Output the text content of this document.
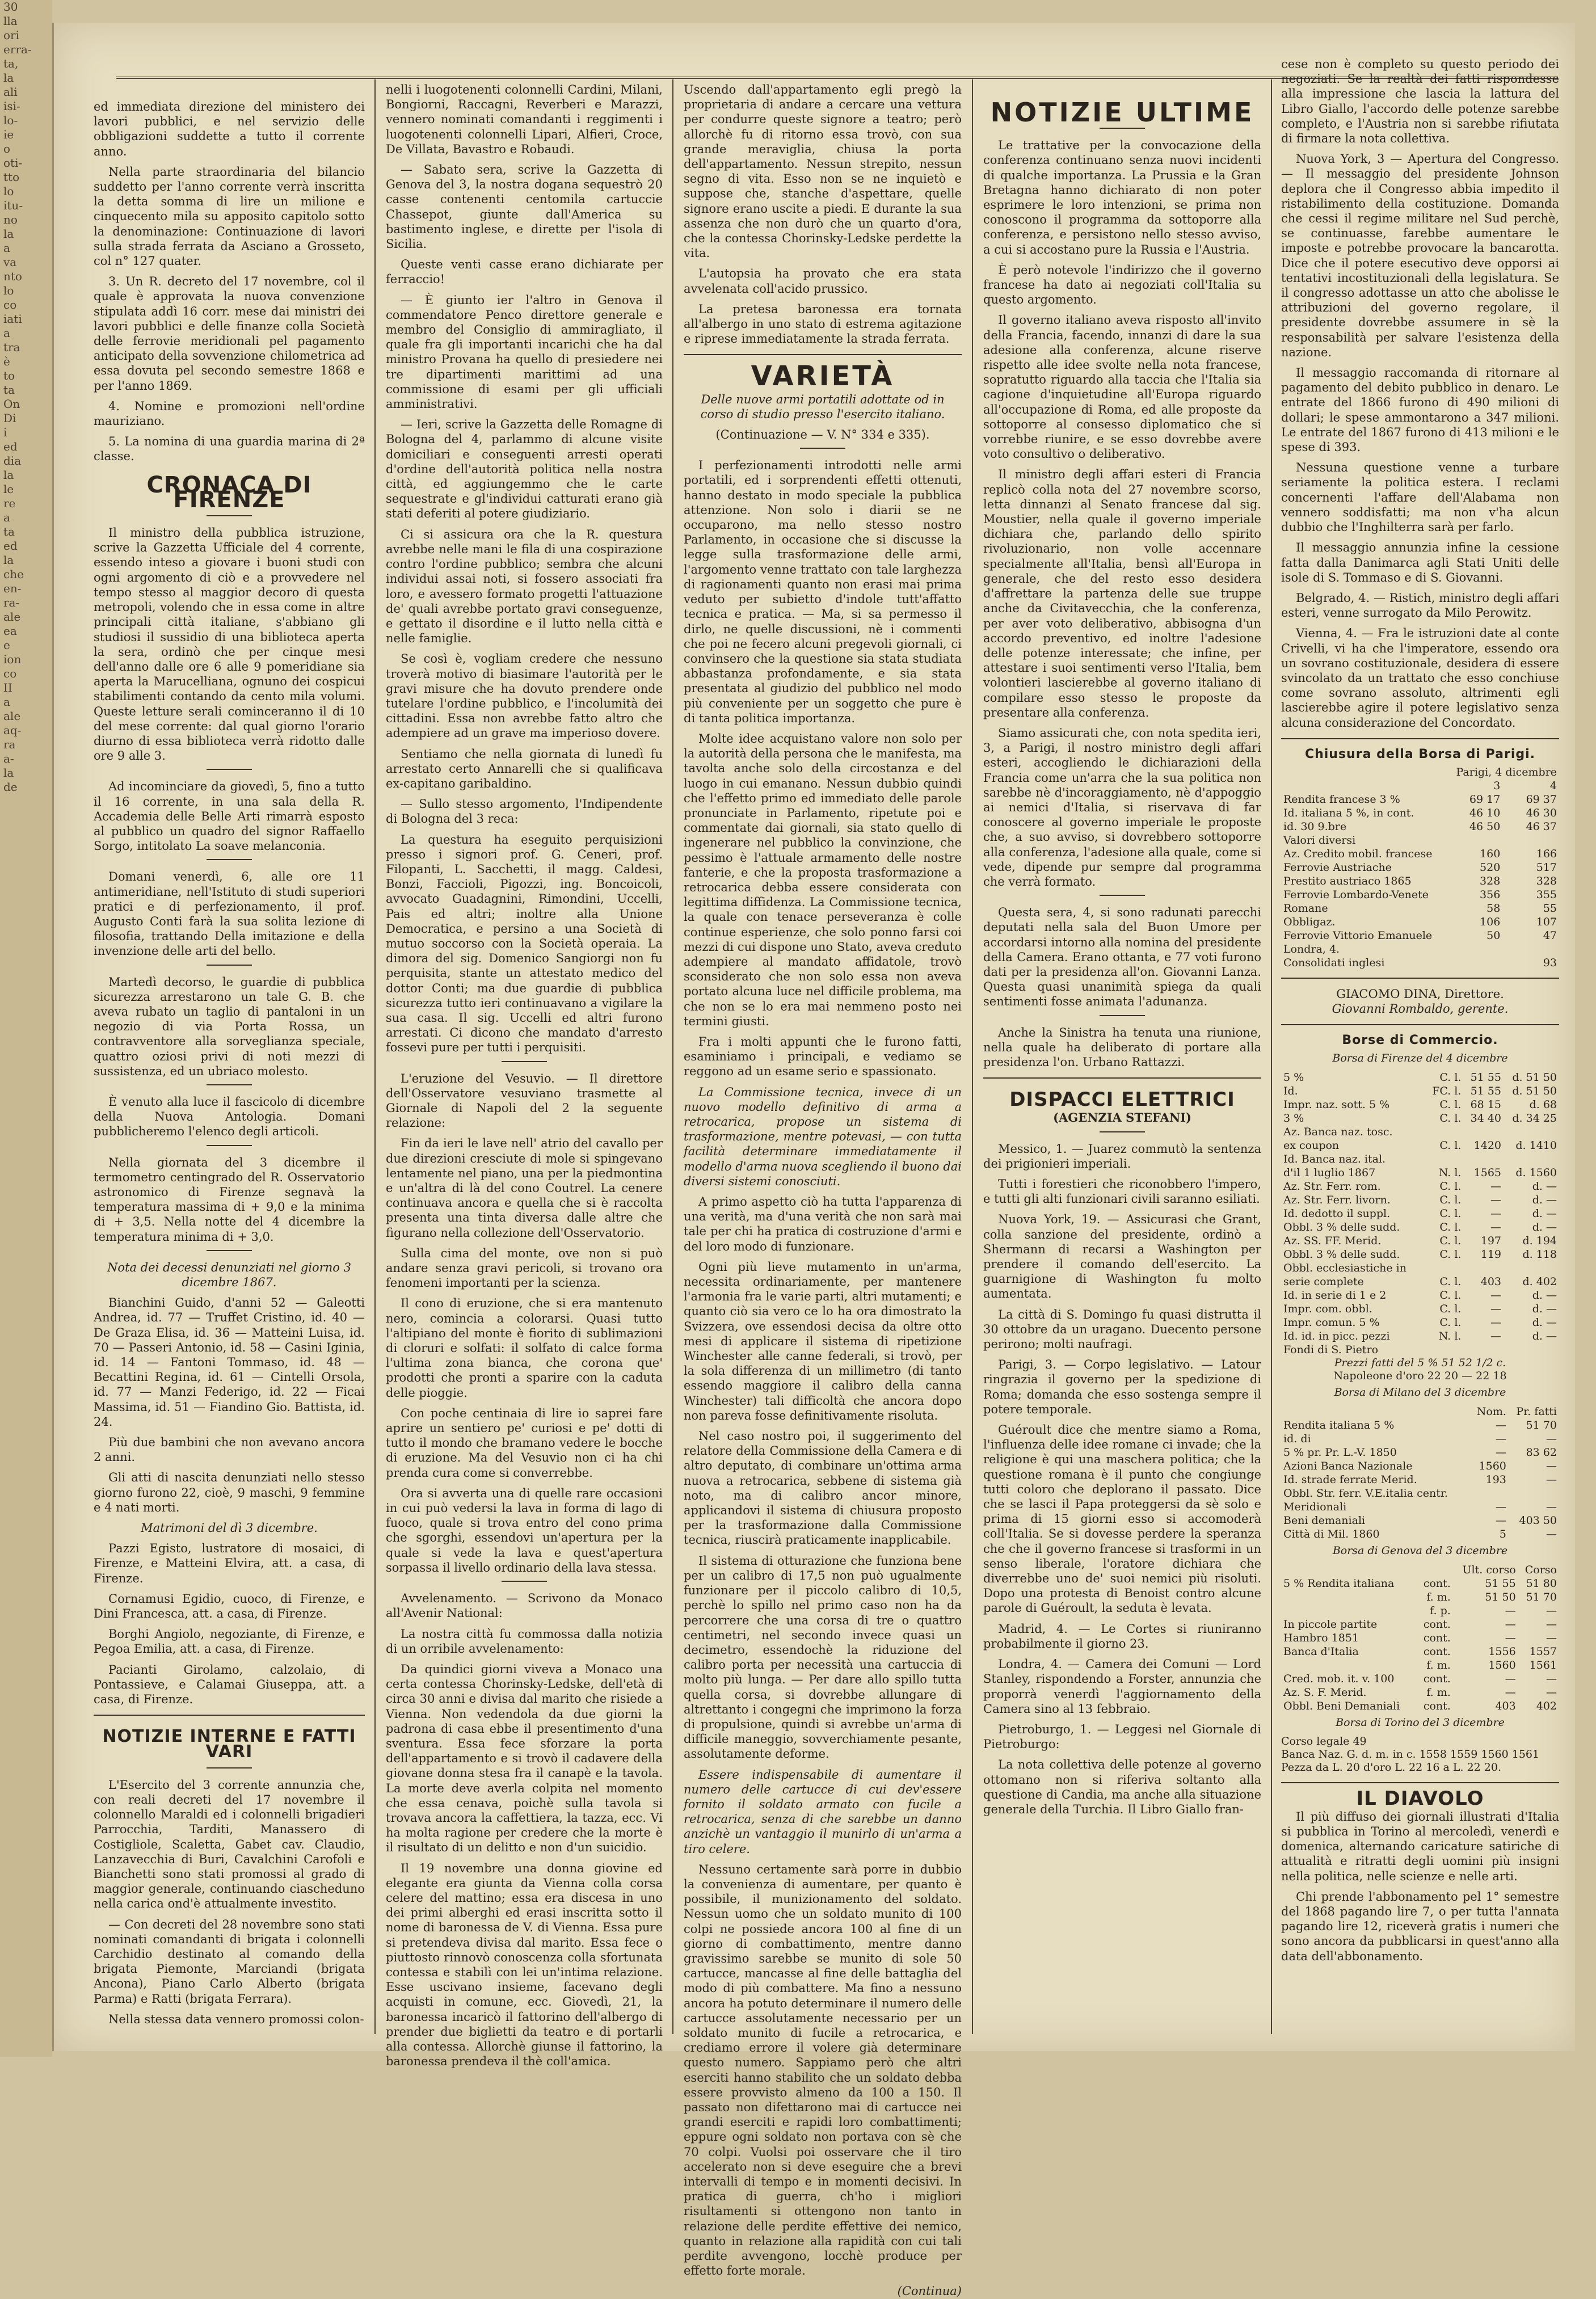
30
lla
ori
erra-
ta,
la
ali
isi-
lo-
ie
o
oti-
tto
lo
itu-
no
la
a
va
nto
lo
co
iati
a
tra
è
to
ta
On
Di
i
ed
dia
la
le
re
a
ta
ed
la
che
en-
ra-
ale
ea
e
ion
co
II
a
ale
aq-
ra
a-
la
de

ed immediata direzione del ministero dei lavori pubblici, e nel servizio delle obbligazioni suddette a tutto il corrente anno.

Nella parte straordinaria del bilancio suddetto per l'anno corrente verrà inscritta la detta somma di lire un milione e cinquecento mila su apposito capitolo sotto la denominazione: Continuazione di lavori sulla strada ferrata da Asciano a Grosseto, col n° 127 quater.

3. Un R. decreto del 17 novembre, col il quale è approvata la nuova convenzione stipulata addì 16 corr. mese dai ministri dei lavori pubblici e delle finanze colla Società delle ferrovie meridionali pel pagamento anticipato della sovvenzione chilometrica ad essa dovuta pel secondo semestre 1868 e per l'anno 1869.

4. Nomine e promozioni nell'ordine mauriziano.

5. La nomina di una guardia marina di 2ª classe.

CRONACA DI FIRENZE

Il ministro della pubblica istruzione, scrive la Gazzetta Ufficiale del 4 corrente, essendo inteso a giovare i buoni studi con ogni argomento di ciò e a provvedere nel tempo stesso al maggior decoro di questa metropoli, volendo che in essa come in altre principali città italiane, s'abbiano gli studiosi il sussidio di una biblioteca aperta la sera, ordinò che per cinque mesi dell'anno dalle ore 6 alle 9 pomeridiane sia aperta la Marucelliana, ognuno dei cospicui stabilimenti contando da cento mila volumi. Queste letture serali cominceranno il di 10 del mese corrente: dal qual giorno l'orario diurno di essa biblioteca verrà ridotto dalle ore 9 alle 3.

Ad incominciare da giovedì, 5, fino a tutto il 16 corrente, in una sala della R. Accademia delle Belle Arti rimarrà esposto al pubblico un quadro del signor Raffaello Sorgo, intitolato La soave melanconia.

Domani venerdì, 6, alle ore 11 antimeridiane, nell'Istituto di studi superiori pratici e di perfezionamento, il prof. Augusto Conti farà la sua solita lezione di filosofia, trattando Della imitazione e della invenzione delle arti del bello.

Martedì decorso, le guardie di pubblica sicurezza arrestarono un tale G. B. che aveva rubato un taglio di pantaloni in un negozio di via Porta Rossa, un contravventore alla sorveglianza speciale, quattro oziosi privi di noti mezzi di sussistenza, ed un ubriaco molesto.

È venuto alla luce il fascicolo di dicembre della Nuova Antologia. Domani pubblicheremo l'elenco degli articoli.

Nella giornata del 3 dicembre il termometro centingrado del R. Osservatorio astronomico di Firenze segnavà la temperatura massima di + 9,0 e la minima di + 3,5. Nella notte del 4 dicembre la temperatura minima di + 3,0.

Nota dei decessi denunziati nel giorno 3 dicembre 1867.

Bianchini Guido, d'anni 52 — Galeotti Andrea, id. 77 — Truffet Cristino, id. 40 — De Graza Elisa, id. 36 — Matteini Luisa, id. 70 — Passeri Antonio, id. 58 — Casini Iginia, id. 14 — Fantoni Tommaso, id. 48 — Becattini Regina, id. 61 — Cintelli Orsola, id. 77 — Manzi Federigo, id. 22 — Ficai Massima, id. 51 — Fiandino Gio. Battista, id. 24.

Più due bambini che non avevano ancora 2 anni.

Gli atti di nascita denunziati nello stesso giorno furono 22, cioè, 9 maschi, 9 femmine e 4 nati morti.

Matrimoni del dì 3 dicembre.

Pazzi Egisto, lustratore di mosaici, di Firenze, e Matteini Elvira, att. a casa, di Firenze.

Cornamusi Egidio, cuoco, di Firenze, e Dini Francesca, att. a casa, di Firenze.

Borghi Angiolo, negoziante, di Firenze, e Pegoa Emilia, att. a casa, di Firenze.

Pacianti Girolamo, calzolaio, di Pontassieve, e Calamai Giuseppa, att. a casa, di Firenze.

NOTIZIE INTERNE E FATTI VARI

L'Esercito del 3 corrente annunzia che, con reali decreti del 17 novembre il colonnello Maraldi ed i colonnelli brigadieri Parrocchia, Tarditi, Manassero di Costigliole, Scaletta, Gabet cav. Claudio, Lanzavecchia di Buri, Cavalchini Carofoli e Bianchetti sono stati promossi al grado di maggior generale, continuando ciascheduno nella carica ond'è attualmente investito.

— Con decreti del 28 novembre sono stati nominati comandanti di brigata i colonnelli Carchidio destinato al comando della brigata Piemonte, Marciandi (brigata Ancona), Piano Carlo Alberto (brigata Parma) e Ratti (brigata Ferrara).

Nella stessa data vennero promossi colon-

nelli i luogotenenti colonnelli Cardini, Milani, Bongiorni, Raccagni, Reverberi e Marazzi, vennero nominati comandanti i reggimenti i luogotenenti colonnelli Lipari, Alfieri, Croce, De Villata, Bavastro e Robaudi.

— Sabato sera, scrive la Gazzetta di Genova del 3, la nostra dogana sequestrò 20 casse contenenti centomila cartuccie Chassepot, giunte dall'America su bastimento inglese, e dirette per l'isola di Sicilia.

Queste venti casse erano dichiarate per ferraccio!

— È giunto ier l'altro in Genova il commendatore Penco direttore generale e membro del Consiglio di ammiragliato, il quale fra gli importanti incarichi che ha dal ministro Provana ha quello di presiedere nei tre dipartimenti marittimi ad una commissione di esami per gli ufficiali amministrativi.

— Ieri, scrive la Gazzetta delle Romagne di Bologna del 4, parlammo di alcune visite domiciliari e conseguenti arresti operati d'ordine dell'autorità politica nella nostra città, ed aggiungemmo che le carte sequestrate e gl'individui catturati erano già stati deferiti al potere giudiziario.

Ci si assicura ora che la R. questura avrebbe nelle mani le fila di una cospirazione contro l'ordine pubblico; sembra che alcuni individui assai noti, si fossero associati fra loro, e avessero formato progetti l'attuazione de' quali avrebbe portato gravi conseguenze, e gettato il disordine e il lutto nella città e nelle famiglie.

Se così è, vogliam credere che nessuno troverà motivo di biasimare l'autorità per le gravi misure che ha dovuto prendere onde tutelare l'ordine pubblico, e l'incolumità dei cittadini. Essa non avrebbe fatto altro che adempiere ad un grave ma imperioso dovere.

Sentiamo che nella giornata di lunedì fu arrestato certo Annarelli che si qualificava ex-capitano garibaldino.

— Sullo stesso argomento, l'Indipendente di Bologna del 3 reca:

La questura ha eseguito perquisizioni presso i signori prof. G. Ceneri, prof. Filopanti, L. Sacchetti, il magg. Caldesi, Bonzi, Faccioli, Pigozzi, ing. Boncoicoli, avvocato Guadagnini, Rimondini, Uccelli, Pais ed altri; inoltre alla Unione Democratica, e persino a una Società di mutuo soccorso con la Società operaia. La dimora del sig. Domenico Sangiorgi non fu perquisita, stante un attestato medico del dottor Conti; ma due guardie di pubblica sicurezza tutto ieri continuavano a vigilare la sua casa. Il sig. Uccelli ed altri furono arrestati. Ci dicono che mandato d'arresto fossevi pure per tutti i perquisiti.

L'eruzione del Vesuvio. — Il direttore dell'Osservatore vesuviano trasmette al Giornale di Napoli del 2 la seguente relazione:

Fin da ieri le lave nell' atrio del cavallo per due direzioni cresciute di mole si spingevano lentamente nel piano, una per la piedmontina e un'altra di là del cono Coutrel. La cenere continuava ancora e quella che si è raccolta presenta una tinta diversa dalle altre che figurano nella collezione dell'Osservatorio.

Sulla cima del monte, ove non si può andare senza gravi pericoli, si trovano ora fenomeni importanti per la scienza.

Il cono di eruzione, che si era mantenuto nero, comincia a colorarsi. Quasi tutto l'altipiano del monte è fiorito di sublimazioni di cloruri e solfati: il solfato di calce forma l'ultima zona bianca, che corona que' prodotti che pronti a sparire con la caduta delle pioggie.

Con poche centinaia di lire io saprei fare aprire un sentiero pe' curiosi e pe' dotti di tutto il mondo che bramano vedere le bocche di eruzione. Ma del Vesuvio non ci ha chi prenda cura come si converrebbe.

Ora si avverta una di quelle rare occasioni in cui può vedersi la lava in forma di lago di fuoco, quale si trova entro del cono prima che sgorghi, essendovi un'apertura per la quale si vede la lava e quest'apertura sorpassa il livello ordinario della lava stessa.

Avvelenamento. — Scrivono da Monaco all'Avenir National:

La nostra città fu commossa dalla notizia di un orribile avvelenamento:

Da quindici giorni viveva a Monaco una certa contessa Chorinsky-Ledske, dell'età di circa 30 anni e divisa dal marito che risiede a Vienna. Non vedendola da due giorni la padrona di casa ebbe il presentimento d'una sventura. Essa fece sforzare la porta dell'appartamento e si trovò il cadavere della giovane donna stesa fra il canapè e la tavola. La morte deve averla colpita nel momento che essa cenava, poichè sulla tavola si trovava ancora la caffettiera, la tazza, ecc. Vi ha molta ragione per credere che la morte è il risultato di un delitto e non d'un suicidio.

Il 19 novembre una donna giovine ed elegante era giunta da Vienna colla corsa celere del mattino; essa era discesa in uno dei primi alberghi ed erasi inscritta sotto il nome di baronessa de V. di Vienna. Essa pure si pretendeva divisa dal marito. Essa fece o piuttosto rinnovò conoscenza colla sfortunata contessa e stabilì con lei un'intima relazione. Esse uscivano insieme, facevano degli acquisti in comune, ecc. Giovedì, 21, la baronessa incaricò il fattorino dell'albergo di prender due biglietti da teatro e di portarli alla contessa. Allorchè giunse il fattorino, la baronessa prendeva il thè coll'amica.

Uscendo dall'appartamento egli pregò la proprietaria di andare a cercare una vettura per condurre queste signore a teatro; però allorchè fu di ritorno essa trovò, con sua grande meraviglia, chiusa la porta dell'appartamento. Nessun strepito, nessun segno di vita. Esso non se ne inquietò e suppose che, stanche d'aspettare, quelle signore erano uscite a piedi. E durante la sua assenza che non durò che un quarto d'ora, che la contessa Chorinsky-Ledske perdette la vita.

L'autopsia ha provato che era stata avvelenata coll'acido prussico.

La pretesa baronessa era tornata all'albergo in uno stato di estrema agitazione e riprese immediatamente la strada ferrata.

VARIETÀ
Delle nuove armi portatili adottate od in corso di studio presso l'esercito italiano.
(Continuazione — V. N° 334 e 335).

I perfezionamenti introdotti nelle armi portatili, ed i sorprendenti effetti ottenuti, hanno destato in modo speciale la pubblica attenzione. Non solo i diarii se ne occuparono, ma nello stesso nostro Parlamento, in occasione che si discusse la legge sulla trasformazione delle armi, l'argomento venne trattato con tale larghezza di ragionamenti quanto non erasi mai prima veduto per subietto d'indole tutt'affatto tecnica e pratica. — Ma, si sa permesso il dirlo, ne quelle discussioni, nè i commenti che poi ne fecero alcuni pregevoli giornali, ci convinsero che la questione sia stata studiata abbastanza profondamente, e sia stata presentata al giudizio del pubblico nel modo più conveniente per un soggetto che pure è di tanta politica importanza.

Molte idee acquistano valore non solo per la autorità della persona che le manifesta, ma tavolta anche solo della circostanza e del luogo in cui emanano. Nessun dubbio quindi che l'effetto primo ed immediato delle parole pronunciate in Parlamento, ripetute poi e commentate dai giornali, sia stato quello di ingenerare nel pubblico la convinzione, che pessimo è l'attuale armamento delle nostre fanterie, e che la proposta trasformazione a retrocarica debba essere considerata con legittima diffidenza. La Commissione tecnica, la quale con tenace perseveranza è colle continue esperienze, che solo ponno farsi coi mezzi di cui dispone uno Stato, aveva creduto adempiere al mandato affidatole, trovò sconsiderato che non solo essa non aveva portato alcuna luce nel difficile problema, ma che non se lo era mai nemmeno posto nei termini giusti.

Fra i molti appunti che le furono fatti, esaminiamo i principali, e vediamo se reggono ad un esame serio e spassionato.

La Commissione tecnica, invece di un nuovo modello definitivo di arma a retrocarica, propose un sistema di trasformazione, mentre potevasi, — con tutta facilità determinare immediatamente il modello d'arma nuova scegliendo il buono dai diversi sistemi conosciuti.

A primo aspetto ciò ha tutta l'apparenza di una verità, ma d'una verità che non sarà mai tale per chi ha pratica di costruzione d'armi e del loro modo di funzionare.

Ogni più lieve mutamento in un'arma, necessita ordinariamente, per mantenere l'armonia fra le varie parti, altri mutamenti; e quanto ciò sia vero ce lo ha ora dimostrato la Svizzera, ove essendosi decisa da oltre otto mesi di applicare il sistema di ripetizione Winchester alle canne federali, si trovò, per la sola differenza di un millimetro (di tanto essendo maggiore il calibro della canna Winchester) tali difficoltà che ancora dopo non pareva fosse definitivamente risoluta.

Nel caso nostro poi, il suggerimento del relatore della Commissione della Camera e di altro deputato, di combinare un'ottima arma nuova a retrocarica, sebbene di sistema già noto, ma di calibro ancor minore, applicandovi il sistema di chiusura proposto per la trasformazione dalla Commissione tecnica, riuscirà praticamente inapplicabile.

Il sistema di otturazione che funziona bene per un calibro di 17,5 non può ugualmente funzionare per il piccolo calibro di 10,5, perchè lo spillo nel primo caso non ha da percorrere che una corsa di tre o quattro centimetri, nel secondo invece quasi un decimetro, essendochè la riduzione del calibro porta per necessità una cartuccia di molto più lunga. — Per dare allo spillo tutta quella corsa, si dovrebbe allungare di altrettanto i congegni che imprimono la forza di propulsione, quindi si avrebbe un'arma di difficile maneggio, sovverchiamente pesante, assolutamente deforme.

Essere indispensabile di aumentare il numero delle cartucce di cui dev'essere fornito il soldato armato con fucile a retrocarica, senza di che sarebbe un danno anzichè un vantaggio il munirlo di un'arma a tiro celere.

Nessuno certamente sarà porre in dubbio la convenienza di aumentare, per quanto è possibile, il munizionamento del soldato. Nessun uomo che un soldato munito di 100 colpi ne possiede ancora 100 al fine di un giorno di combattimento, mentre danno gravissimo sarebbe se munito di sole 50 cartucce, mancasse al fine delle battaglia del modo di più combattere. Ma fino a nessuno ancora ha potuto determinare il numero delle cartucce assolutamente necessario per un soldato munito di fucile a retrocarica, e crediamo errore il volere già determinare questo numero. Sappiamo però che altri eserciti hanno stabilito che un soldato debba essere provvisto almeno da 100 a 150. Il passato non difettarono mai di cartucce nei grandi eserciti e rapidi loro combattimenti; eppure ogni soldato non portava con sè che 70 colpi. Vuolsi poi osservare che il tiro accelerato non si deve eseguire che a brevi intervalli di tempo e in momenti decisivi. In pratica di guerra, ch'ho i migliori risultamenti si ottengono non tanto in relazione delle perdite effettive dei nemico, quanto in relazione alla rapidità con cui tali perdite avvengono, locchè produce per effetto forte morale.

(Continua)

NOTIZIE ULTIME

Le trattative per la convocazione della conferenza continuano senza nuovi incidenti di qualche importanza. La Prussia e la Gran Bretagna hanno dichiarato di non poter esprimere le loro intenzioni, se prima non conoscono il programma da sottoporre alla conferenza, e persistono nello stesso avviso, a cui si accostano pure la Russia e l'Austria.

È però notevole l'indirizzo che il governo francese ha dato ai negoziati coll'Italia su questo argomento.

Il governo italiano aveva risposto all'invito della Francia, facendo, innanzi di dare la sua adesione alla conferenza, alcune riserve rispetto alle idee svolte nella nota francese, sopratutto riguardo alla taccia che l'Italia sia cagione d'inquietudine all'Europa riguardo all'occupazione di Roma, ed alle proposte da sottoporre al consesso diplomatico che si vorrebbe riunire, e se esso dovrebbe avere voto consultivo o deliberativo.

Il ministro degli affari esteri di Francia replicò colla nota del 27 novembre scorso, letta dinnanzi al Senato francese dal sig. Moustier, nella quale il governo imperiale dichiara che, parlando dello spirito rivoluzionario, non volle accennare specialmente all'Italia, bensì all'Europa in generale, che del resto esso desidera d'affrettare la partenza delle sue truppe anche da Civitavecchia, che la conferenza, per aver voto deliberativo, abbisogna d'un accordo preventivo, ed inoltre l'adesione delle potenze interessate; che infine, per attestare i suoi sentimenti verso l'Italia, bem volontieri lascierebbe al governo italiano di compilare esso stesso le proposte da presentare alla conferenza.

Siamo assicurati che, con nota spedita ieri, 3, a Parigi, il nostro ministro degli affari esteri, accogliendo le dichiarazioni della Francia come un'arra che la sua politica non sarebbe nè d'incoraggiamento, nè d'appoggio ai nemici d'Italia, si riservava di far conoscere al governo imperiale le proposte che, a suo avviso, si dovrebbero sottoporre alla conferenza, l'adesione alla quale, come si vede, dipende pur sempre dal programma che verrà formato.

Questa sera, 4, si sono radunati parecchi deputati nella sala del Buon Umore per accordarsi intorno alla nomina del presidente della Camera. Erano ottanta, e 77 voti furono dati per la presidenza all'on. Giovanni Lanza. Questa quasi unanimità spiega da quali sentimenti fosse animata l'adunanza.

Anche la Sinistra ha tenuta una riunione, nella quale ha deliberato di portare alla presidenza l'on. Urbano Rattazzi.

DISPACCI ELETTRICI
(AGENZIA STEFANI)

Messico, 1. — Juarez commutò la sentenza dei prigionieri imperiali.

Tutti i forestieri che riconobbero l'impero, e tutti gli alti funzionari civili saranno esiliati.

Nuova York, 19. — Assicurasi che Grant, colla sanzione del presidente, ordinò a Shermann di recarsi a Washington per prendere il comando dell'esercito. La guarnigione di Washington fu molto aumentata.

La città di S. Domingo fu quasi distrutta il 30 ottobre da un uragano. Duecento persone perirono; molti naufragi.

Parigi, 3. — Corpo legislativo. — Latour ringrazia il governo per la spedizione di Roma; domanda che esso sostenga sempre il potere temporale.

Guéroult dice che mentre siamo a Roma, l'influenza delle idee romane ci invade; che la religione è qui una maschera politica; che la questione romana è il punto che congiunge tutti coloro che deplorano il passato. Dice che se lasci il Papa proteggersi da sè solo e prima di 15 giorni esso si accomoderà coll'Italia. Se si dovesse perdere la speranza che che il governo francese si trasformi in un senso liberale, l'oratore dichiara che diverrebbe uno de' suoi nemici più risoluti. Dopo una protesta di Benoist contro alcune parole di Guéroult, la seduta è levata.

Madrid, 4. — Le Cortes si riuniranno probabilmente il giorno 23.

Londra, 4. — Camera dei Comuni — Lord Stanley, rispondendo a Forster, annunzia che proporrà venerdì l'aggiornamento della Camera sino al 13 febbraio.

Pietroburgo, 1. — Leggesi nel Giornale di Pietroburgo:

La nota collettiva delle potenze al governo ottomano non si riferiva soltanto alla questione di Candia, ma anche alla situazione generale della Turchia. Il Libro Giallo fran-

cese non è completo su questo periodo dei negoziati. Se la realtà dei fatti rispondesse alla impressione che lascia la lattura del Libro Giallo, l'accordo delle potenze sarebbe completo, e l'Austria non si sarebbe rifiutata di firmare la nota collettiva.

Nuova York, 3 — Apertura del Congresso. — Il messaggio del presidente Johnson deplora che il Congresso abbia impedito il ristabilimento della costituzione. Domanda che cessi il regime militare nel Sud perchè, se continuasse, farebbe aumentare le imposte e potrebbe provocare la bancarotta. Dice che il potere esecutivo deve opporsi ai tentativi incostituzionali della legislatura. Se il congresso adottasse un atto che abolisse le attribuzioni del governo regolare, il presidente dovrebbe assumere in sè la responsabilità per salvare l'esistenza della nazione.

Il messaggio raccomanda di ritornare al pagamento del debito pubblico in denaro. Le entrate del 1866 furono di 490 milioni di dollari; le spese ammontarono a 347 milioni. Le entrate del 1867 furono di 413 milioni e le spese di 393.

Nessuna questione venne a turbare seriamente la politica estera. I reclami concernenti l'affare dell'Alabama non vennero soddisfatti; ma non v'ha alcun dubbio che l'Inghilterra sarà per farlo.

Il messaggio annunzia infine la cessione fatta dalla Danimarca agli Stati Uniti delle isole di S. Tommaso e di S. Giovanni.

Belgrado, 4. — Ristich, ministro degli affari esteri, venne surrogato da Milo Perowitz.

Vienna, 4. — Fra le istruzioni date al conte Crivelli, vi ha che l'imperatore, essendo ora un sovrano costituzionale, desidera di essere svincolato da un trattato che esso conchiuse come sovrano assoluto, altrimenti egli lascierebbe agire il potere legislativo senza alcuna considerazione del Concordato.

Chiusura della Borsa di Parigi.
	Parigi, 4 dicembre	
	3	4
Rendita francese 3 %	69 17	69 37
Id. italiana 5 %, in cont.	46 10	46 30
id. 30 9.bre	46 50	46 37
Valori diversi		
Az. Credito mobil. francese	160	166
Ferrovie Austriache	520	517
Prestito austriaco 1865	328	328
Ferrovie Lombardo-Venete	356	355
Romane	58	55
Obbligaz.	106	107
Ferrovie Vittorio Emanuele	50	47
Londra, 4.		
Consolidati inglesi		93
GIACOMO DINA, Direttore.
Giovanni Rombaldo, gerente.
Borse di Commercio.
Borsa di Firenze del 4 dicembre
5 %	C. l.	51 55	d. 51 50
Id.	FC. l.	51 55	d. 51 50
Impr. naz. sott. 5 %	C. l.	68 15	d. 68
3 %	C. l.	34 40	d. 34 25
Az. Banca naz. tosc.			
ex coupon	C. l.	1420	d. 1410
Id. Banca naz. ital.			
d'il 1 luglio 1867	N. l.	1565	d. 1560
Az. Str. Ferr. rom.	C. l.	—	d. —
Az. Str. Ferr. livorn.	C. l.	—	d. —
Id. dedotto il suppl.	C. l.	—	d. —
Obbl. 3 % delle sudd.	C. l.	—	d. —
Az. SS. FF. Merid.	C. l.	197	d. 194
Obbl. 3 % delle sudd.	C. l.	119	d. 118
Obbl. ecclesiastiche in			
serie complete	C. l.	403	d. 402
Id. in serie di 1 e 2	C. l.	—	d. —
Impr. com. obbl.	C. l.	—	d. —
Impr. comun. 5 %	C. l.	—	d. —
Id. id. in picc. pezzi	N. l.	—	d. —
Fondi di S. Pietro			
Prezzi fatti del 5 % 51 52 1/2 c.
Napoleone d'oro 22 20 — 22 18
Borsa di Milano del 3 dicembre
	Nom.	Pr. fatti
Rendita italiana 5 %	—	51 70
id. di	—	—
5 % pr. Pr. L.-V. 1850	—	83 62
Azioni Banca Nazionale	1560	—
Id. strade ferrate Merid.	193	—
Obbl. Str. ferr. V.E.italia centr.		
Meridionali	—	—
Beni demaniali	—	403 50
Città di Mil. 1860	5	—
Borsa di Genova del 3 dicembre
		Ult. corso	Corso
5 % Rendita italiana	cont.	51 55	51 80
	f. m.	51 50	51 70
	f. p.	—	—
In piccole partite	cont.	—	—
Hambro 1851	cont.	—	—
Banca d'Italia	cont.	1556	1557
	f. m.	1560	1561
Cred. mob. it. v. 100	cont.	—	—
Az. S. F. Merid.	f. m.	—	—
Obbl. Beni Demaniali	cont.	403	402
Borsa di Torino del 3 dicembre
Corso legale 49
Banca Naz. G. d. m. in c. 1558 1559 1560 1561
Pezza da L. 20 d'oro L. 22 16 a L. 22 20.
IL DIAVOLO

Il più diffuso dei giornali illustrati d'Italia si pubblica in Torino al mercoledì, venerdì e domenica, alternando caricature satiriche di attualità e ritratti degli uomini più insigni nella politica, nelle scienze e nelle arti.

Chi prende l'abbonamento pel 1° semestre del 1868 pagando lire 7, o per tutta l'annata pagando lire 12, riceverà gratis i numeri che sono ancora da pubblicarsi in quest'anno alla data dell'abbonamento.
